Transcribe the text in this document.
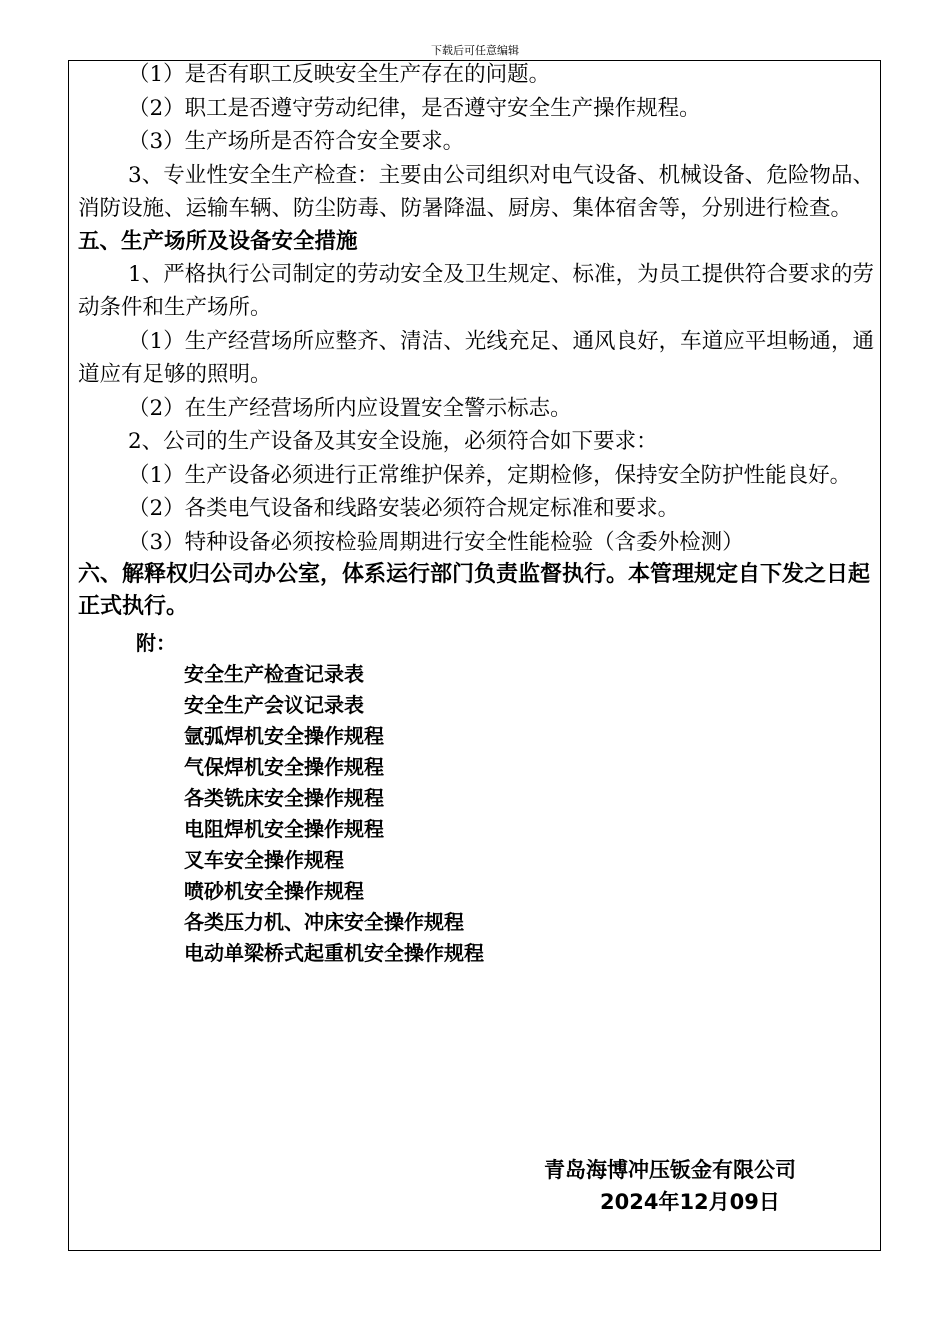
下载后可任意编辑

（1）是否有职工反映安全生产存在的问题。

（2）职工是否遵守劳动纪律，是否遵守安全生产操作规程。

（3）生产场所是否符合安全要求。

3、专业性安全生产检查：主要由公司组织对电气设备、机械设备、危险物品、消防设施、运输车辆、防尘防毒、防暑降温、厨房、集体宿舍等，分别进行检查。

五、生产场所及设备安全措施

1、严格执行公司制定的劳动安全及卫生规定、标准，为员工提供符合要求的劳动条件和生产场所。

（1）生产经营场所应整齐、清洁、光线充足、通风良好，车道应平坦畅通，通道应有足够的照明。

（2）在生产经营场所内应设置安全警示标志。

2、公司的生产设备及其安全设施，必须符合如下要求：

（1）生产设备必须进行正常维护保养，定期检修，保持安全防护性能良好。

（2）各类电气设备和线路安装必须符合规定标准和要求。

（3）特种设备必须按检验周期进行安全性能检验（含委外检测）

六、解释权归公司办公室，体系运行部门负责监督执行。本管理规定自下发之日起正式执行。

附：

安全生产检查记录表
安全生产会议记录表
氩弧焊机安全操作规程
气保焊机安全操作规程
各类铣床安全操作规程
电阻焊机安全操作规程
叉车安全操作规程
喷砂机安全操作规程
各类压力机、冲床安全操作规程
电动单梁桥式起重机安全操作规程
青岛海博冲压钣金有限公司
2024年12月09日
